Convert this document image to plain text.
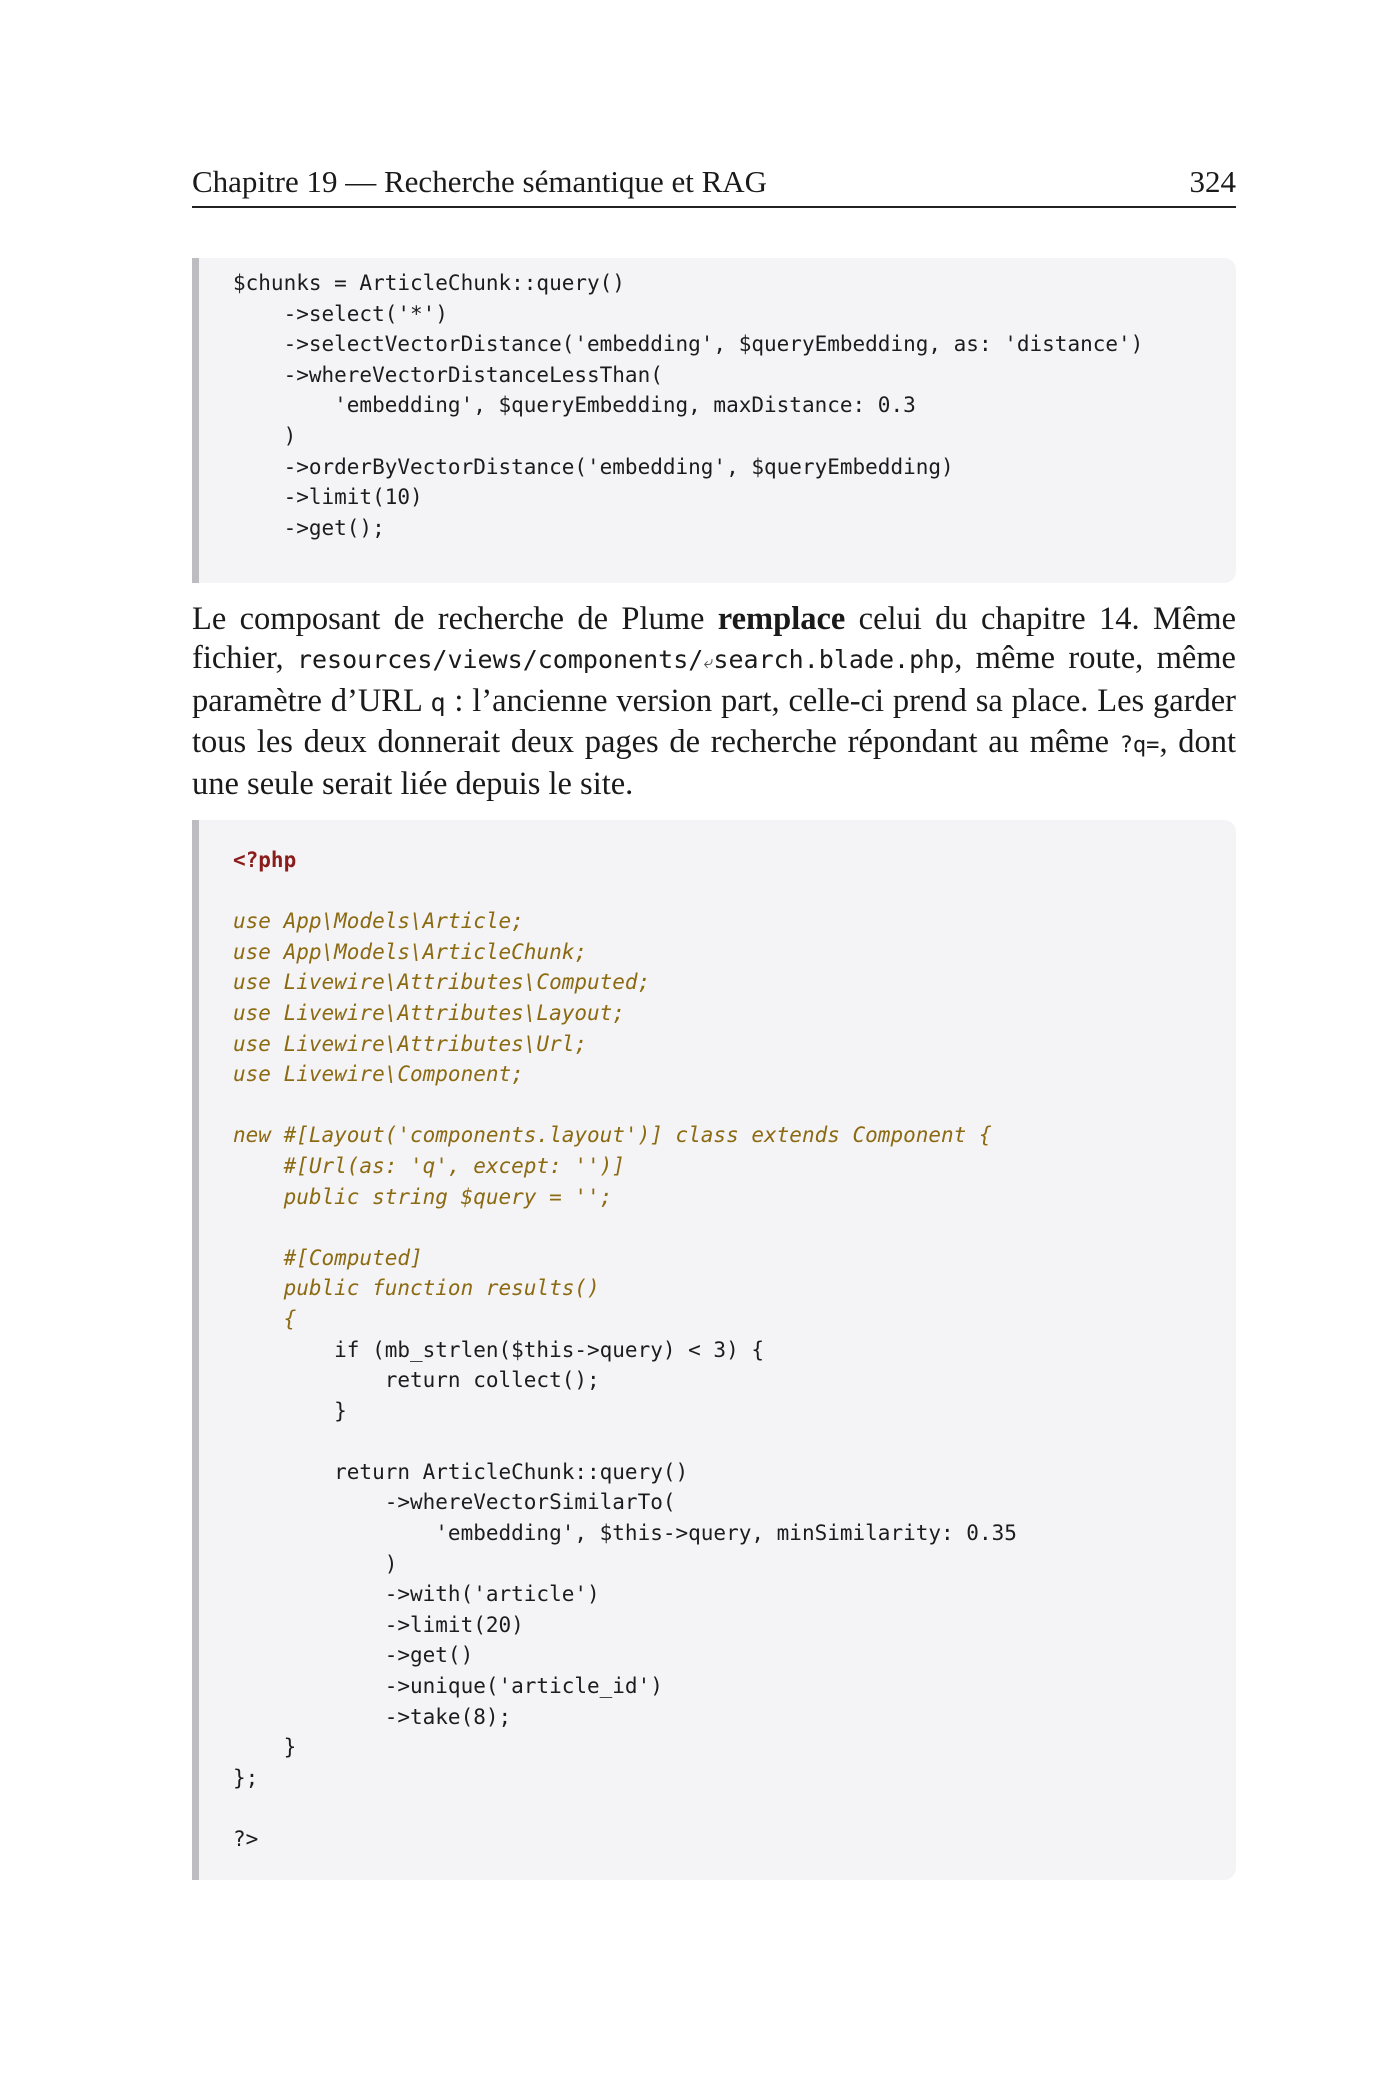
Chapitre 19 — Recherche sémantique et RAG	324
$chunks = ArticleChunk::query()
->select('*')
->selectVectorDistance('embedding', $queryEmbedding, as: 'distance')
->whereVectorDistanceLessThan(
'embedding', $queryEmbedding, maxDistance: 0.3
)
->orderByVectorDistance('embedding', $queryEmbedding)
->limit(10)
->get();
Le composant de recherche de Plume remplace celui du chapitre 14. Même fichier, resources/views/components/⤶search.blade.php, même route, même paramètre d’URL q : l’ancienne version part, celle-ci prend sa place. Les garder tous les deux donnerait deux pages de recherche répondant au même ?q=, dont une seule serait liée depuis le site.
<?php
use App\Models\Article;
use App\Models\ArticleChunk;
use Livewire\Attributes\Computed;
use Livewire\Attributes\Layout;
use Livewire\Attributes\Url;
use Livewire\Component;
new #[Layout('components.layout')] class extends Component {
#[Url(as: 'q', except: '')]
public string $query = '';
#[Computed]
public function results()
{
if (mb_strlen($this->query) < 3) {
return collect();
}
return ArticleChunk::query()
->whereVectorSimilarTo(
'embedding', $this->query, minSimilarity: 0.35
)
->with('article')
->limit(20)
->get()
->unique('article_id')
->take(8);
}
};
?>
